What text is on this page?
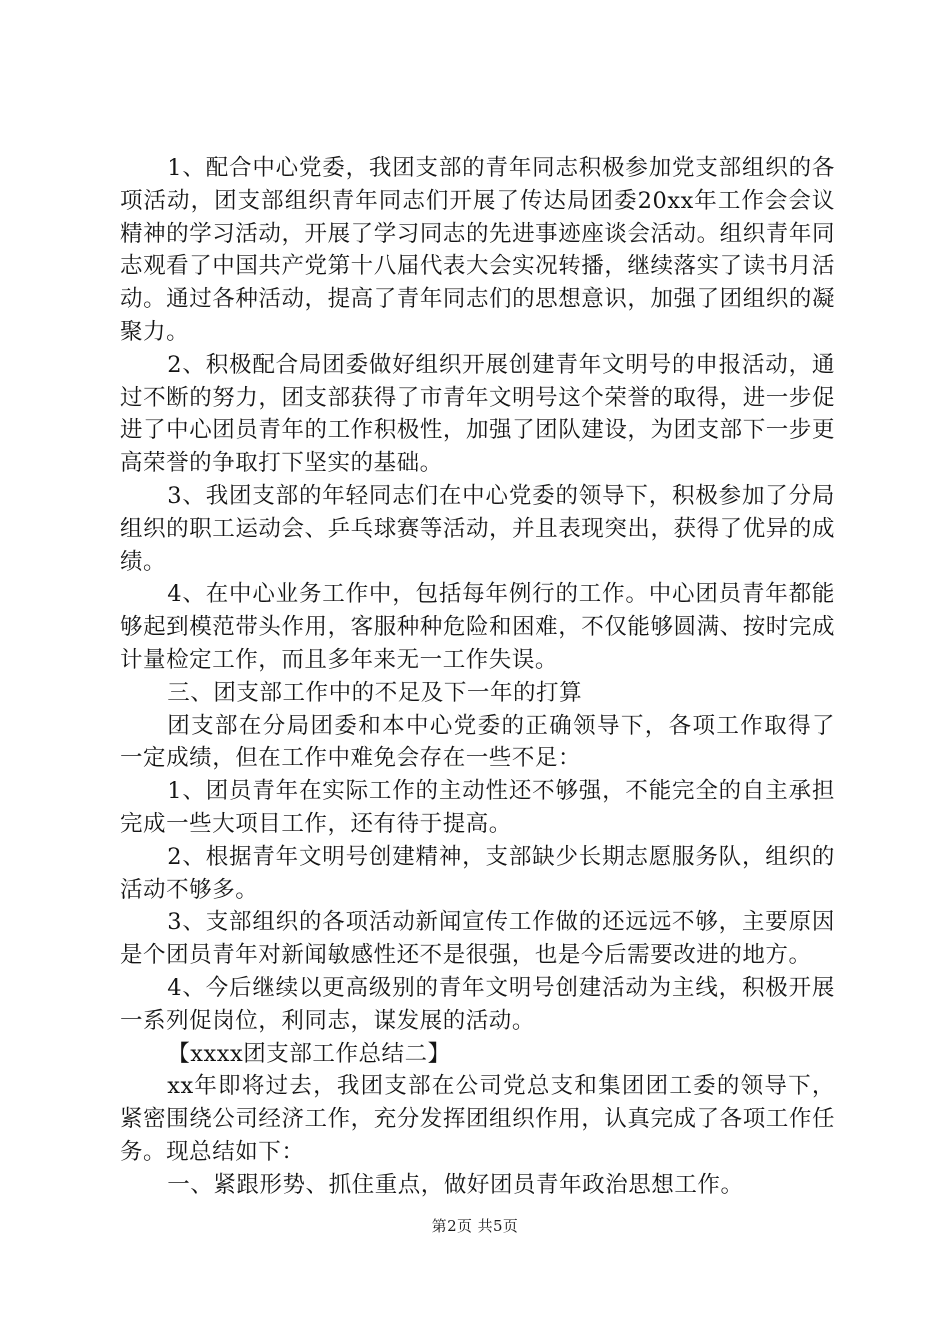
1、配合中心党委，我团支部的青年同志积极参加党支部组织的各项活动，团支部组织青年同志们开展了传达局团委20xx年工作会会议精神的学习活动，开展了学习同志的先进事迹座谈会活动。组织青年同志观看了中国共产党第十八届代表大会实况转播，继续落实了读书月活动。通过各种活动，提高了青年同志们的思想意识，加强了团组织的凝聚力。

2、积极配合局团委做好组织开展创建青年文明号的申报活动，通过不断的努力，团支部获得了市青年文明号这个荣誉的取得，进一步促进了中心团员青年的工作积极性，加强了团队建设，为团支部下一步更高荣誉的争取打下坚实的基础。

3、我团支部的年轻同志们在中心党委的领导下，积极参加了分局组织的职工运动会、乒乓球赛等活动，并且表现突出，获得了优异的成绩。

4、在中心业务工作中，包括每年例行的工作。中心团员青年都能够起到模范带头作用，客服种种危险和困难，不仅能够圆满、按时完成计量检定工作，而且多年来无一工作失误。

三、团支部工作中的不足及下一年的打算

团支部在分局团委和本中心党委的正确领导下，各项工作取得了一定成绩，但在工作中难免会存在一些不足：

1、团员青年在实际工作的主动性还不够强，不能完全的自主承担完成一些大项目工作，还有待于提高。

2、根据青年文明号创建精神，支部缺少长期志愿服务队，组织的活动不够多。

3、支部组织的各项活动新闻宣传工作做的还远远不够，主要原因是个团员青年对新闻敏感性还不是很强，也是今后需要改进的地方。

4、今后继续以更高级别的青年文明号创建活动为主线，积极开展一系列促岗位，利同志，谋发展的活动。

【xxxx团支部工作总结二】

xx年即将过去，我团支部在公司党总支和集团团工委的领导下，紧密围绕公司经济工作，充分发挥团组织作用，认真完成了各项工作任务。现总结如下：

一、紧跟形势、抓住重点，做好团员青年政治思想工作。

第2页 共5页
